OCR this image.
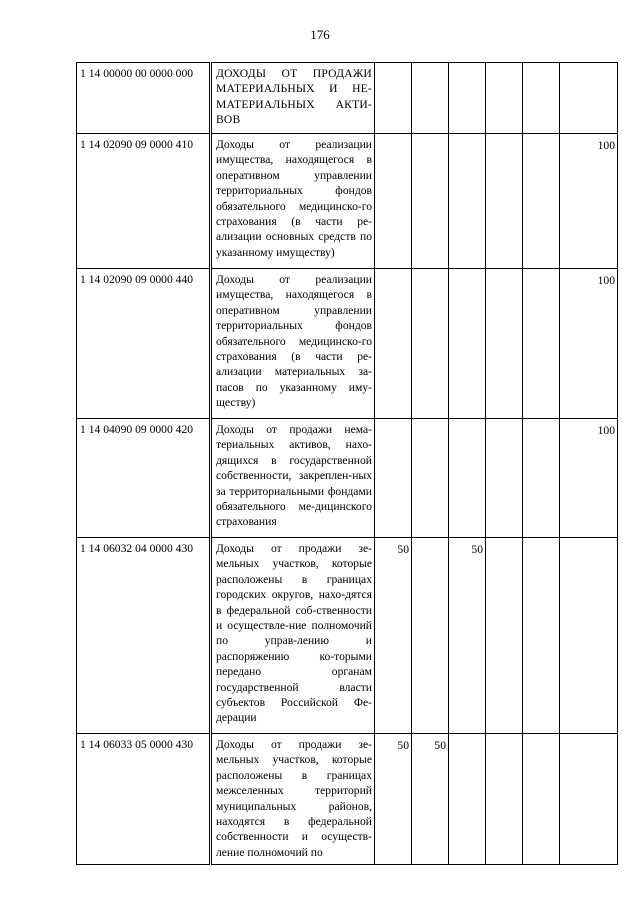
176
1 14 00000 00 0000 000	ДОХОДЫ ОТ ПРОДАЖИ МАТЕРИАЛЬНЫХ И НЕ-МАТЕРИАЛЬНЫХ АКТИ-ВОВ						
1 14 02090 09 0000 410	Доходы от реализации имущества, находящегося в оперативном управлении территориальных фондов обязательного медицинско-го страхования (в части ре-ализации основных средств по указанному имуществу)						100
1 14 02090 09 0000 440	Доходы от реализации имущества, находящегося в оперативном управлении территориальных фондов обязательного медицинско-го страхования (в части ре-ализации материальных за-пасов по указанному иму-ществу)						100
1 14 04090 09 0000 420	Доходы от продажи нема-териальных активов, нахо-дящихся в государственной собственности, закреплен-ных за территориальными фондами обязательного ме-дицинского страхования						100
1 14 06032 04 0000 430	Доходы от продажи зе-мельных участков, которые расположены в границах городских округов, нахо-дятся в федеральной соб-ственности и осуществле-ние полномочий по управ-лению и распоряжению ко-торыми передано органам государственной власти субъектов Российской Фе-дерации	50		50			
1 14 06033 05 0000 430	Доходы от продажи зе-мельных участков, которые расположены в границах межселенных территорий муниципальных районов, находятся в федеральной собственности и осуществ-ление полномочий по	50	50				
